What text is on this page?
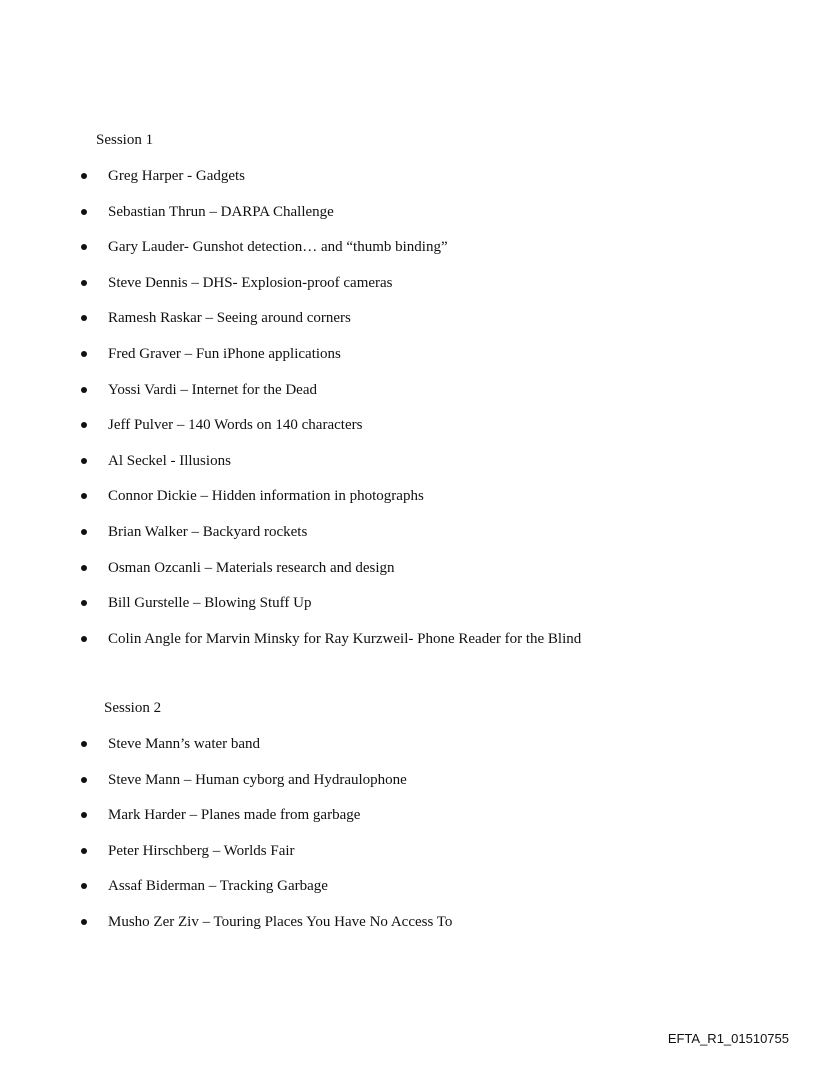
Session 1

Greg Harper - Gadgets
Sebastian Thrun – DARPA Challenge
Gary Lauder- Gunshot detection… and “thumb binding”
Steve Dennis – DHS- Explosion-proof cameras
Ramesh Raskar – Seeing around corners
Fred Graver – Fun iPhone applications
Yossi Vardi – Internet for the Dead
Jeff Pulver – 140 Words on 140 characters
Al Seckel - Illusions
Connor Dickie – Hidden information in photographs
Brian Walker – Backyard rockets
Osman Ozcanli – Materials research and design
Bill Gurstelle – Blowing Stuff Up
Colin Angle for Marvin Minsky for Ray Kurzweil- Phone Reader for the Blind

Session 2

Steve Mann’s water band
Steve Mann – Human cyborg and Hydraulophone
Mark Harder – Planes made from garbage
Peter Hirschberg – Worlds Fair
Assaf Biderman – Tracking Garbage
Musho Zer Ziv – Touring Places You Have No Access To
EFTA_R1_01510755
